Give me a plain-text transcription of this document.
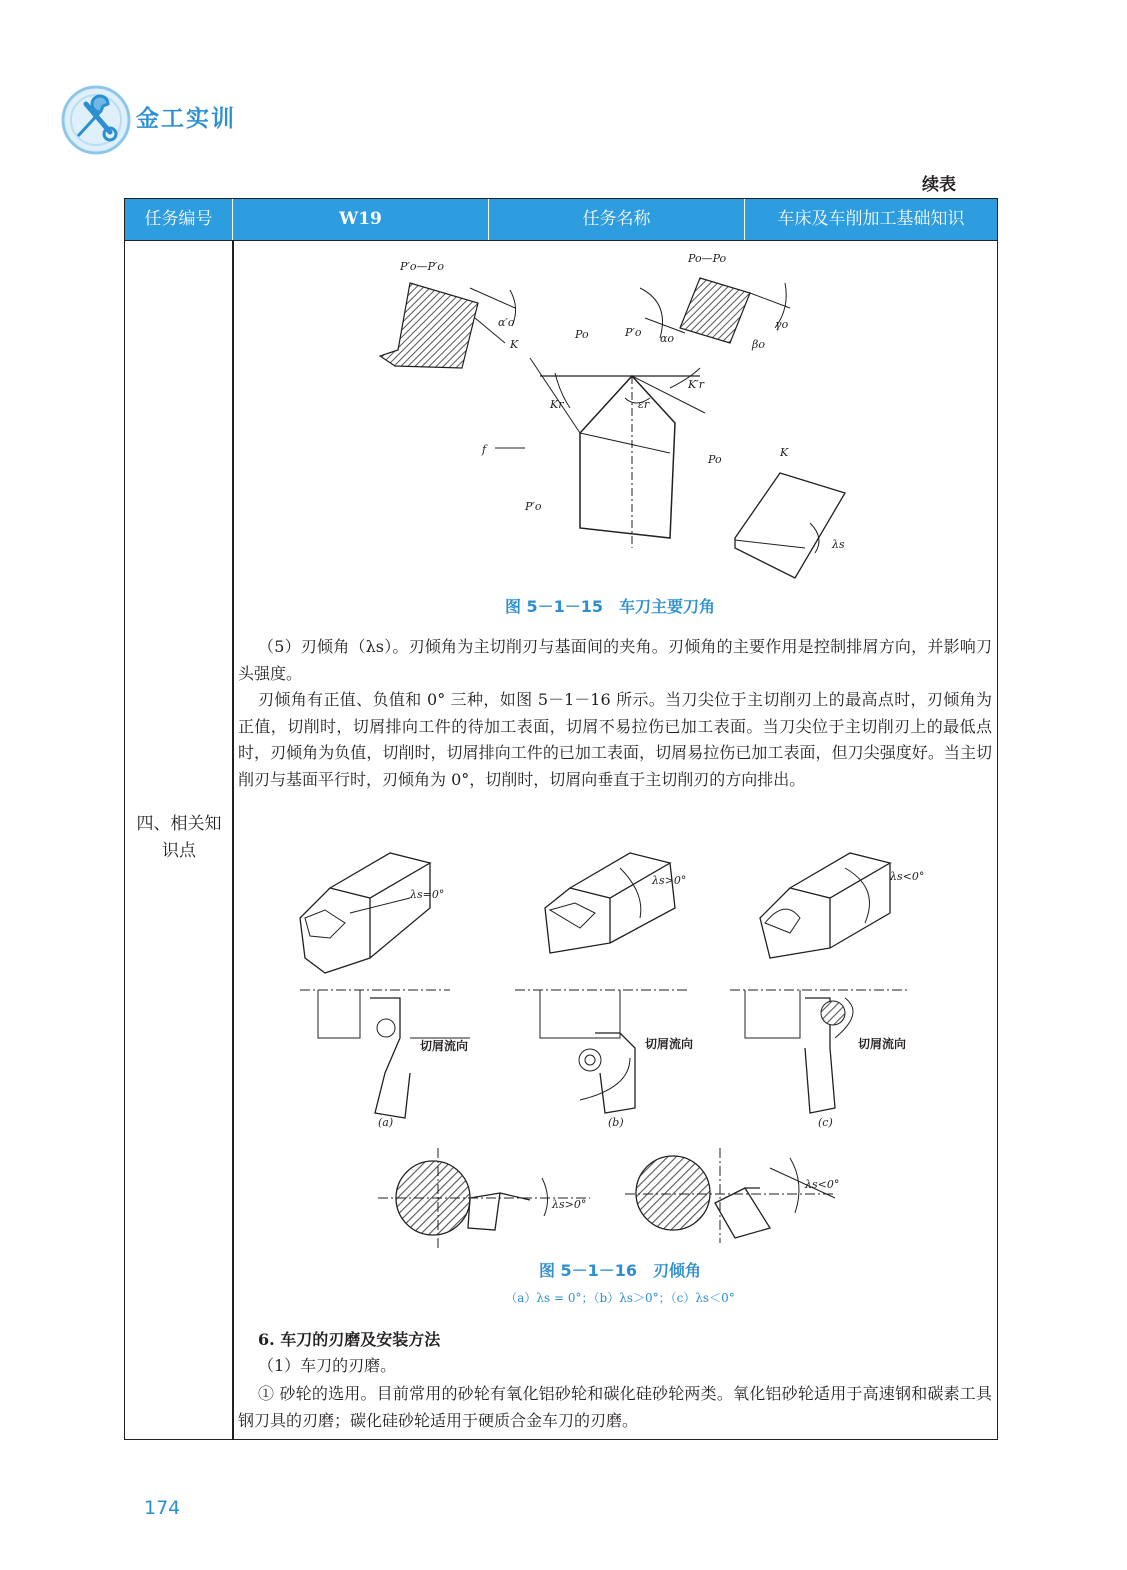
金工实训
续表
任务编号	W19	任务名称	车床及车削加工基础知识
四、相关知识点
P′o—P′o
α′o
Po—Po
αo
γo
βo
Po	P′o
K
Kr
K′r
εr
f
Po
P′o
K
λs
图 5－1－15　车刀主要刀角

（5）刃倾角（λs）。刃倾角为主切削刃与基面间的夹角。刃倾角的主要作用是控制排屑方向，并影响刀头强度。

刃倾角有正值、负值和 0° 三种，如图 5－1－16 所示。当刀尖位于主切削刃上的最高点时，刃倾角为正值，切削时，切屑排向工件的待加工表面，切屑不易拉伤已加工表面。当刀尖位于主切削刃上的最低点时，刃倾角为负值，切削时，切屑排向工件的已加工表面，切屑易拉伤已加工表面，但刀尖强度好。当主切削刃与基面平行时，刃倾角为 0°，切削时，切屑向垂直于主切削刃的方向排出。

λs=0°
切屑流向
(a)
λs>0°
切屑流向
(b)
λs<0°
切屑流向
(c)
λs>0°
λs<0°
图 5－1－16　刃倾角
（a）λs = 0°；（b）λs＞0°；（c）λs＜0°
6. 车刀的刃磨及安装方法
（1）车刀的刃磨。

① 砂轮的选用。目前常用的砂轮有氧化铝砂轮和碳化硅砂轮两类。氧化铝砂轮适用于高速钢和碳素工具钢刀具的刃磨；碳化硅砂轮适用于硬质合金车刀的刃磨。

174
